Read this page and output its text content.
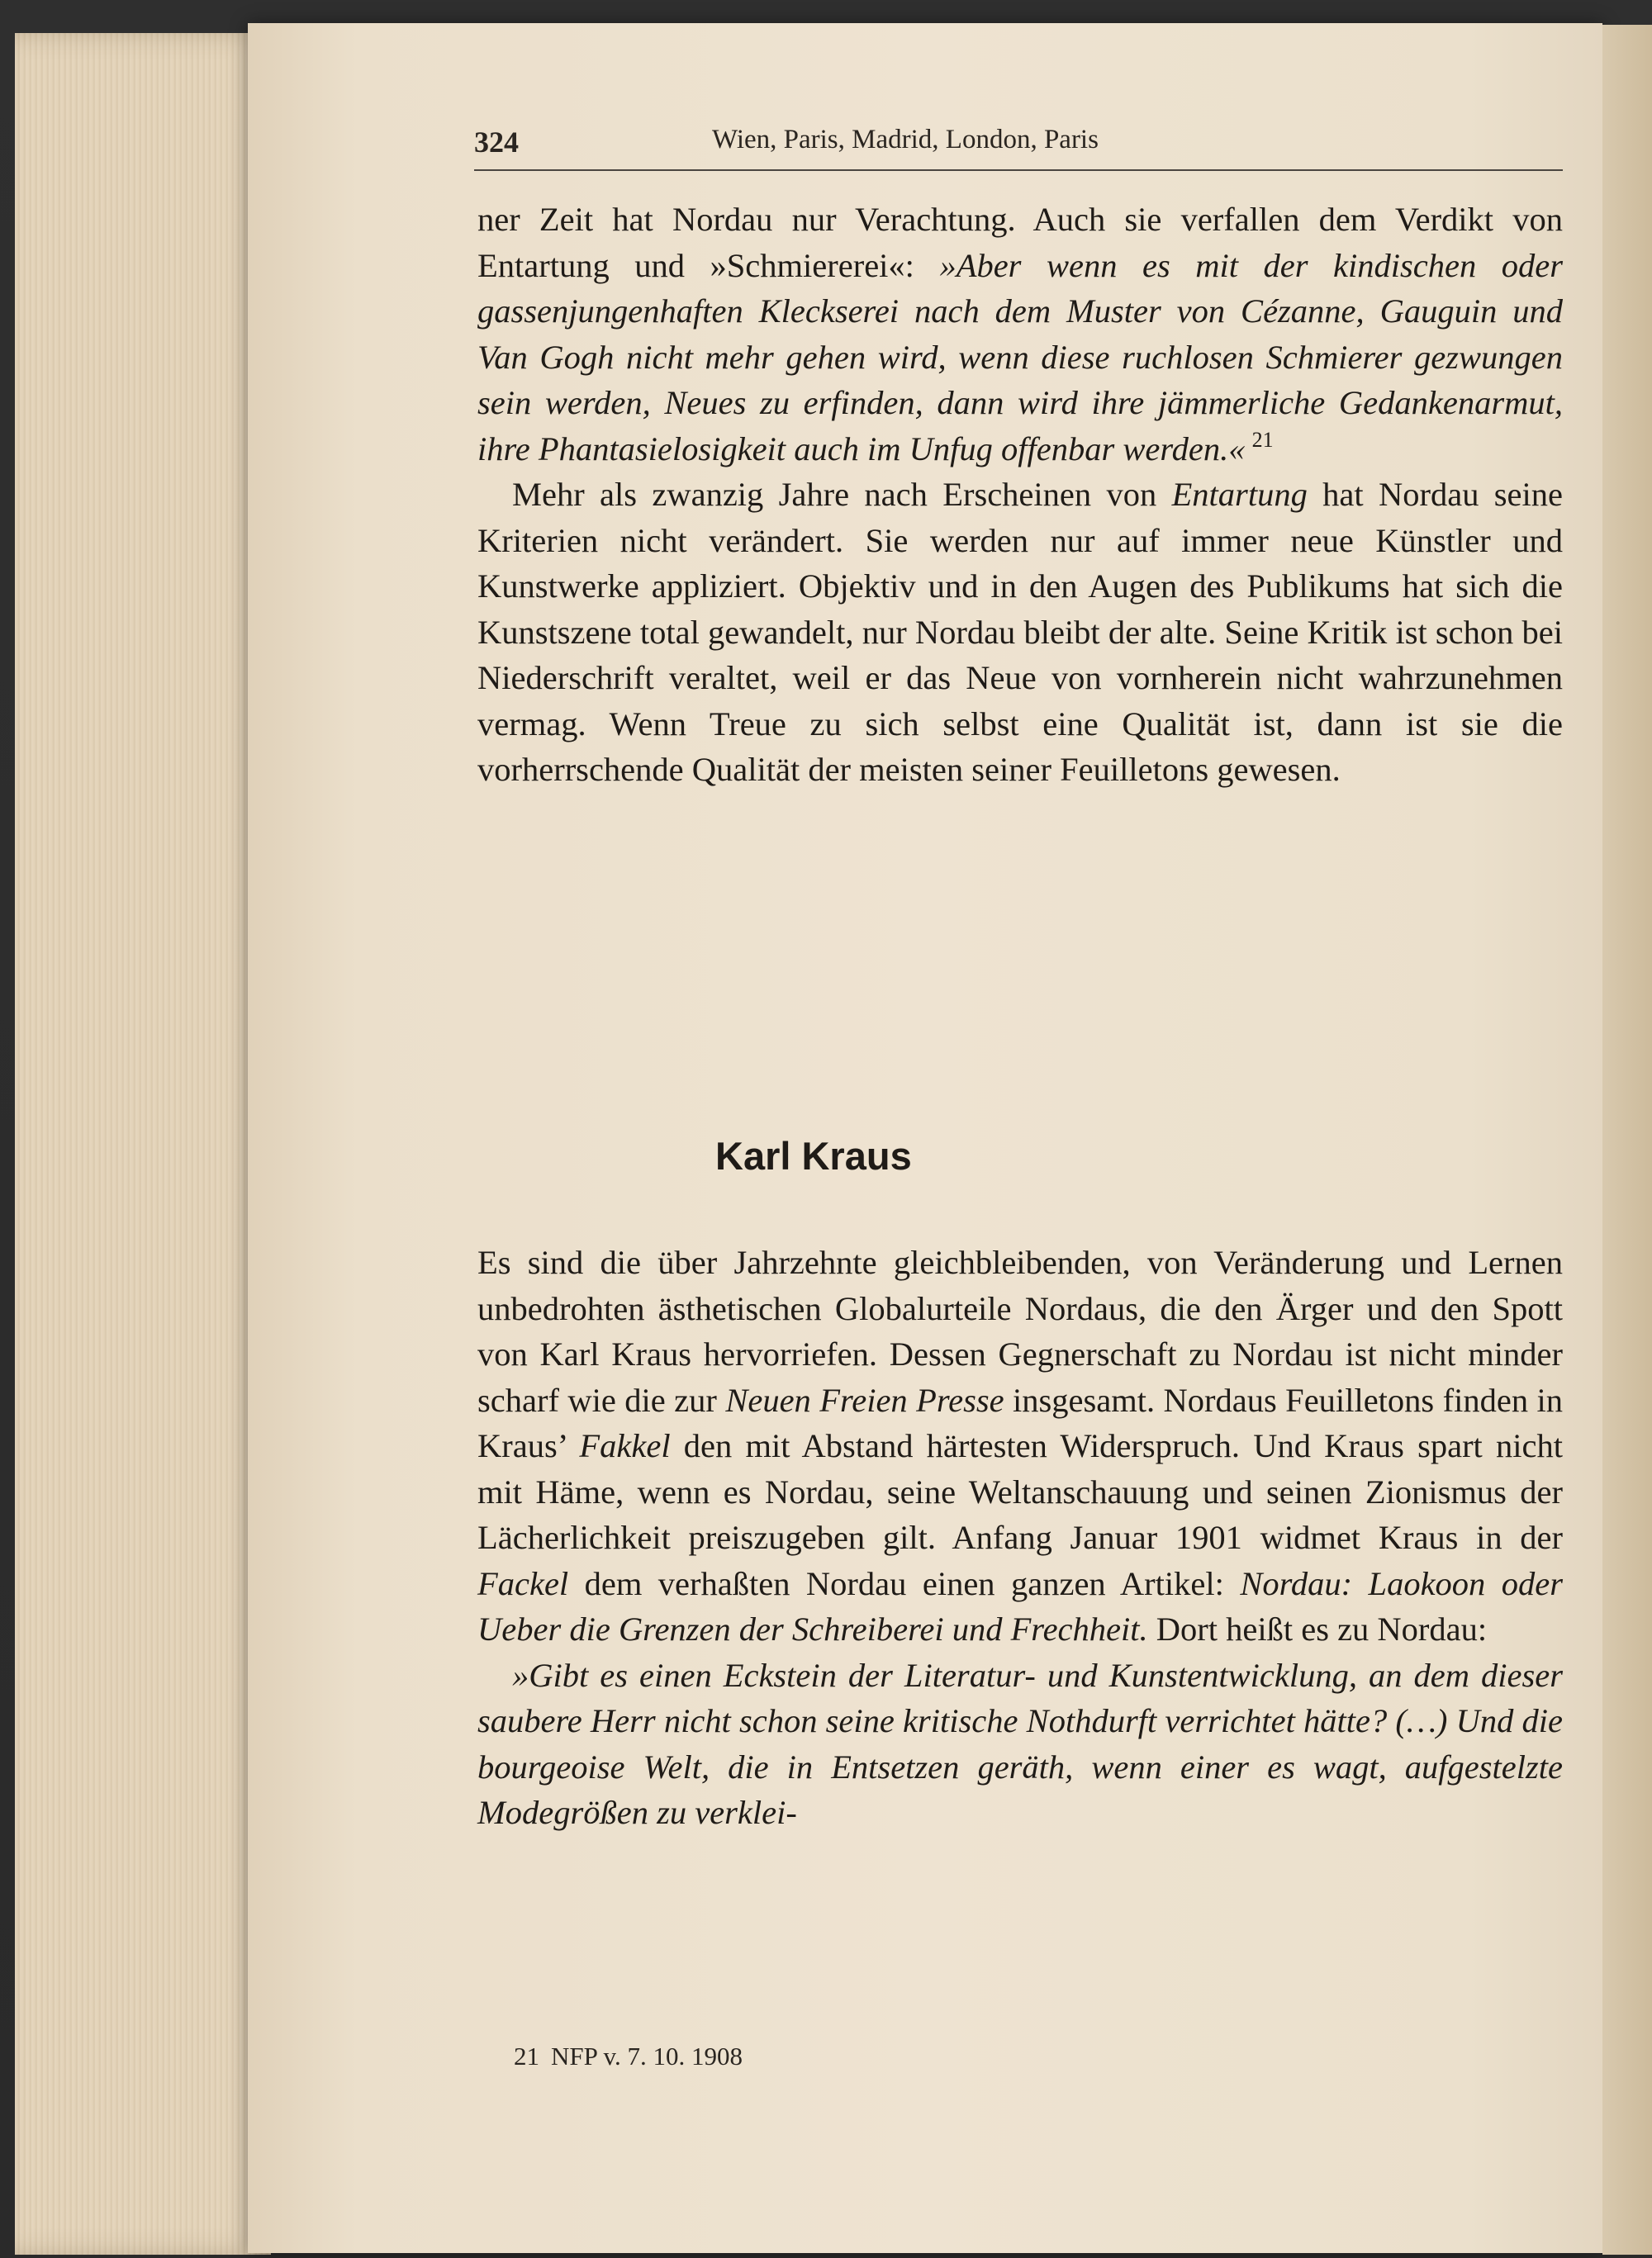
324	Wien, Paris, Madrid, London, Paris

ner Zeit hat Nordau nur Verachtung. Auch sie verfallen dem Verdikt von Entartung und »Schmiererei«: »Aber wenn es mit der kindischen oder gassenjungenhaften Kleckserei nach dem Muster von Cézanne, Gauguin und Van Gogh nicht mehr gehen wird, wenn diese ruchlosen Schmierer gezwungen sein werden, Neues zu erfinden, dann wird ihre jämmerliche Gedankenarmut, ihre Phantasielosigkeit auch im Unfug offenbar werden.«  $^{21}$

Mehr als zwanzig Jahre nach Erscheinen von Entartung hat Nordau seine Kriterien nicht verändert. Sie werden nur auf immer neue Künstler und Kunstwerke appliziert. Objektiv und in den Augen des Publikums hat sich die Kunstszene total gewandelt, nur Nordau bleibt der alte. Seine Kritik ist schon bei Niederschrift veraltet, weil er das Neue von vornherein nicht wahrzunehmen vermag. Wenn Treue zu sich selbst eine Qualität ist, dann ist sie die vorherrschende Qualität der meisten seiner Feuilletons gewesen.

Karl Kraus

Es sind die über Jahrzehnte gleichbleibenden, von Veränderung und Lernen unbedrohten ästhetischen Globalurteile Nordaus, die den Ärger und den Spott von Karl Kraus hervorriefen. Dessen Gegnerschaft zu Nordau ist nicht minder scharf wie die zur Neuen Freien Presse insgesamt. Nordaus Feuilletons finden in Kraus’ Fakkel den mit Abstand härtesten Widerspruch. Und Kraus spart nicht mit Häme, wenn es Nordau, seine Weltanschauung und seinen Zionismus der Lächerlichkeit preiszugeben gilt. Anfang Januar 1901 widmet Kraus in der Fackel dem verhaßten Nordau einen ganzen Artikel: Nordau: Laokoon oder Ueber die Grenzen der Schreiberei und Frechheit. Dort heißt es zu Nordau:

»Gibt es einen Eckstein der Literatur- und Kunstentwicklung, an dem dieser saubere Herr nicht schon seine kritische Nothdurft verrichtet hätte? (…) Und die bourgeoise Welt, die in Entsetzen geräth, wenn einer es wagt, aufgestelzte Modegrößen zu verklei-

21 NFP v. 7. 10. 1908
